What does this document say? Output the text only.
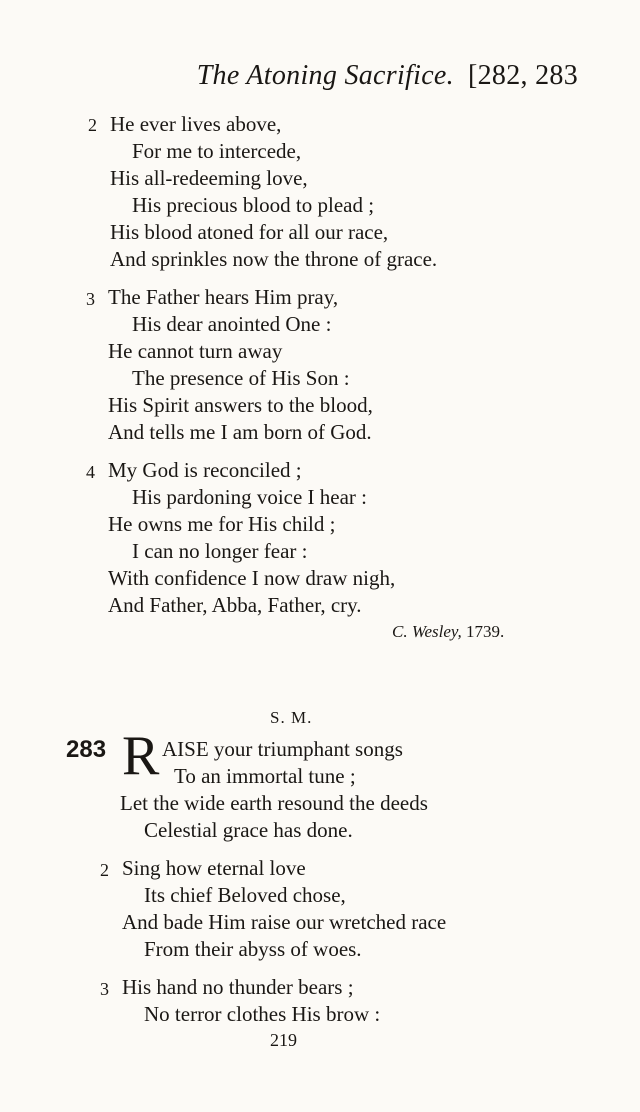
The Atoning Sacrifice. [282, 283
2 He ever lives above,
For me to intercede,
His all-redeeming love,
His precious blood to plead ;
His blood atoned for all our race,
And sprinkles now the throne of grace.
3 The Father hears Him pray,
His dear anointed One :
He cannot turn away
The presence of His Son :
His Spirit answers to the blood,
And tells me I am born of God.
4 My God is reconciled ;
His pardoning voice I hear :
He owns me for His child ;
I can no longer fear :
With confidence I now draw nigh,
And Father, Abba, Father, cry.
C. Wesley, 1739.
S. M.
283 R AISE your triumphant songs
To an immortal tune ;
Let the wide earth resound the deeds
Celestial grace has done.
2 Sing how eternal love
Its chief Beloved chose,
And bade Him raise our wretched race
From their abyss of woes.
3 His hand no thunder bears ;
No terror clothes His brow :
219
